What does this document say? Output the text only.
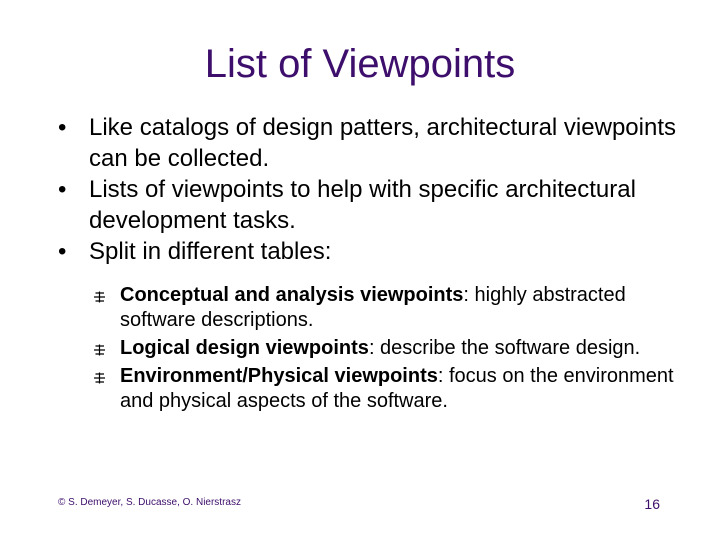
List of Viewpoints
• Like catalogs of design patters, architectural viewpoints can be collected.
• Lists of viewpoints to help with specific architectural development tasks.
• Split in different tables:
Conceptual and analysis viewpoints: highly abstracted software descriptions.
Logical design viewpoints: describe the software design.
Environment/Physical viewpoints: focus on the environment and physical aspects of the software.
© S. Demeyer, S. Ducasse, O. Nierstrasz	16
